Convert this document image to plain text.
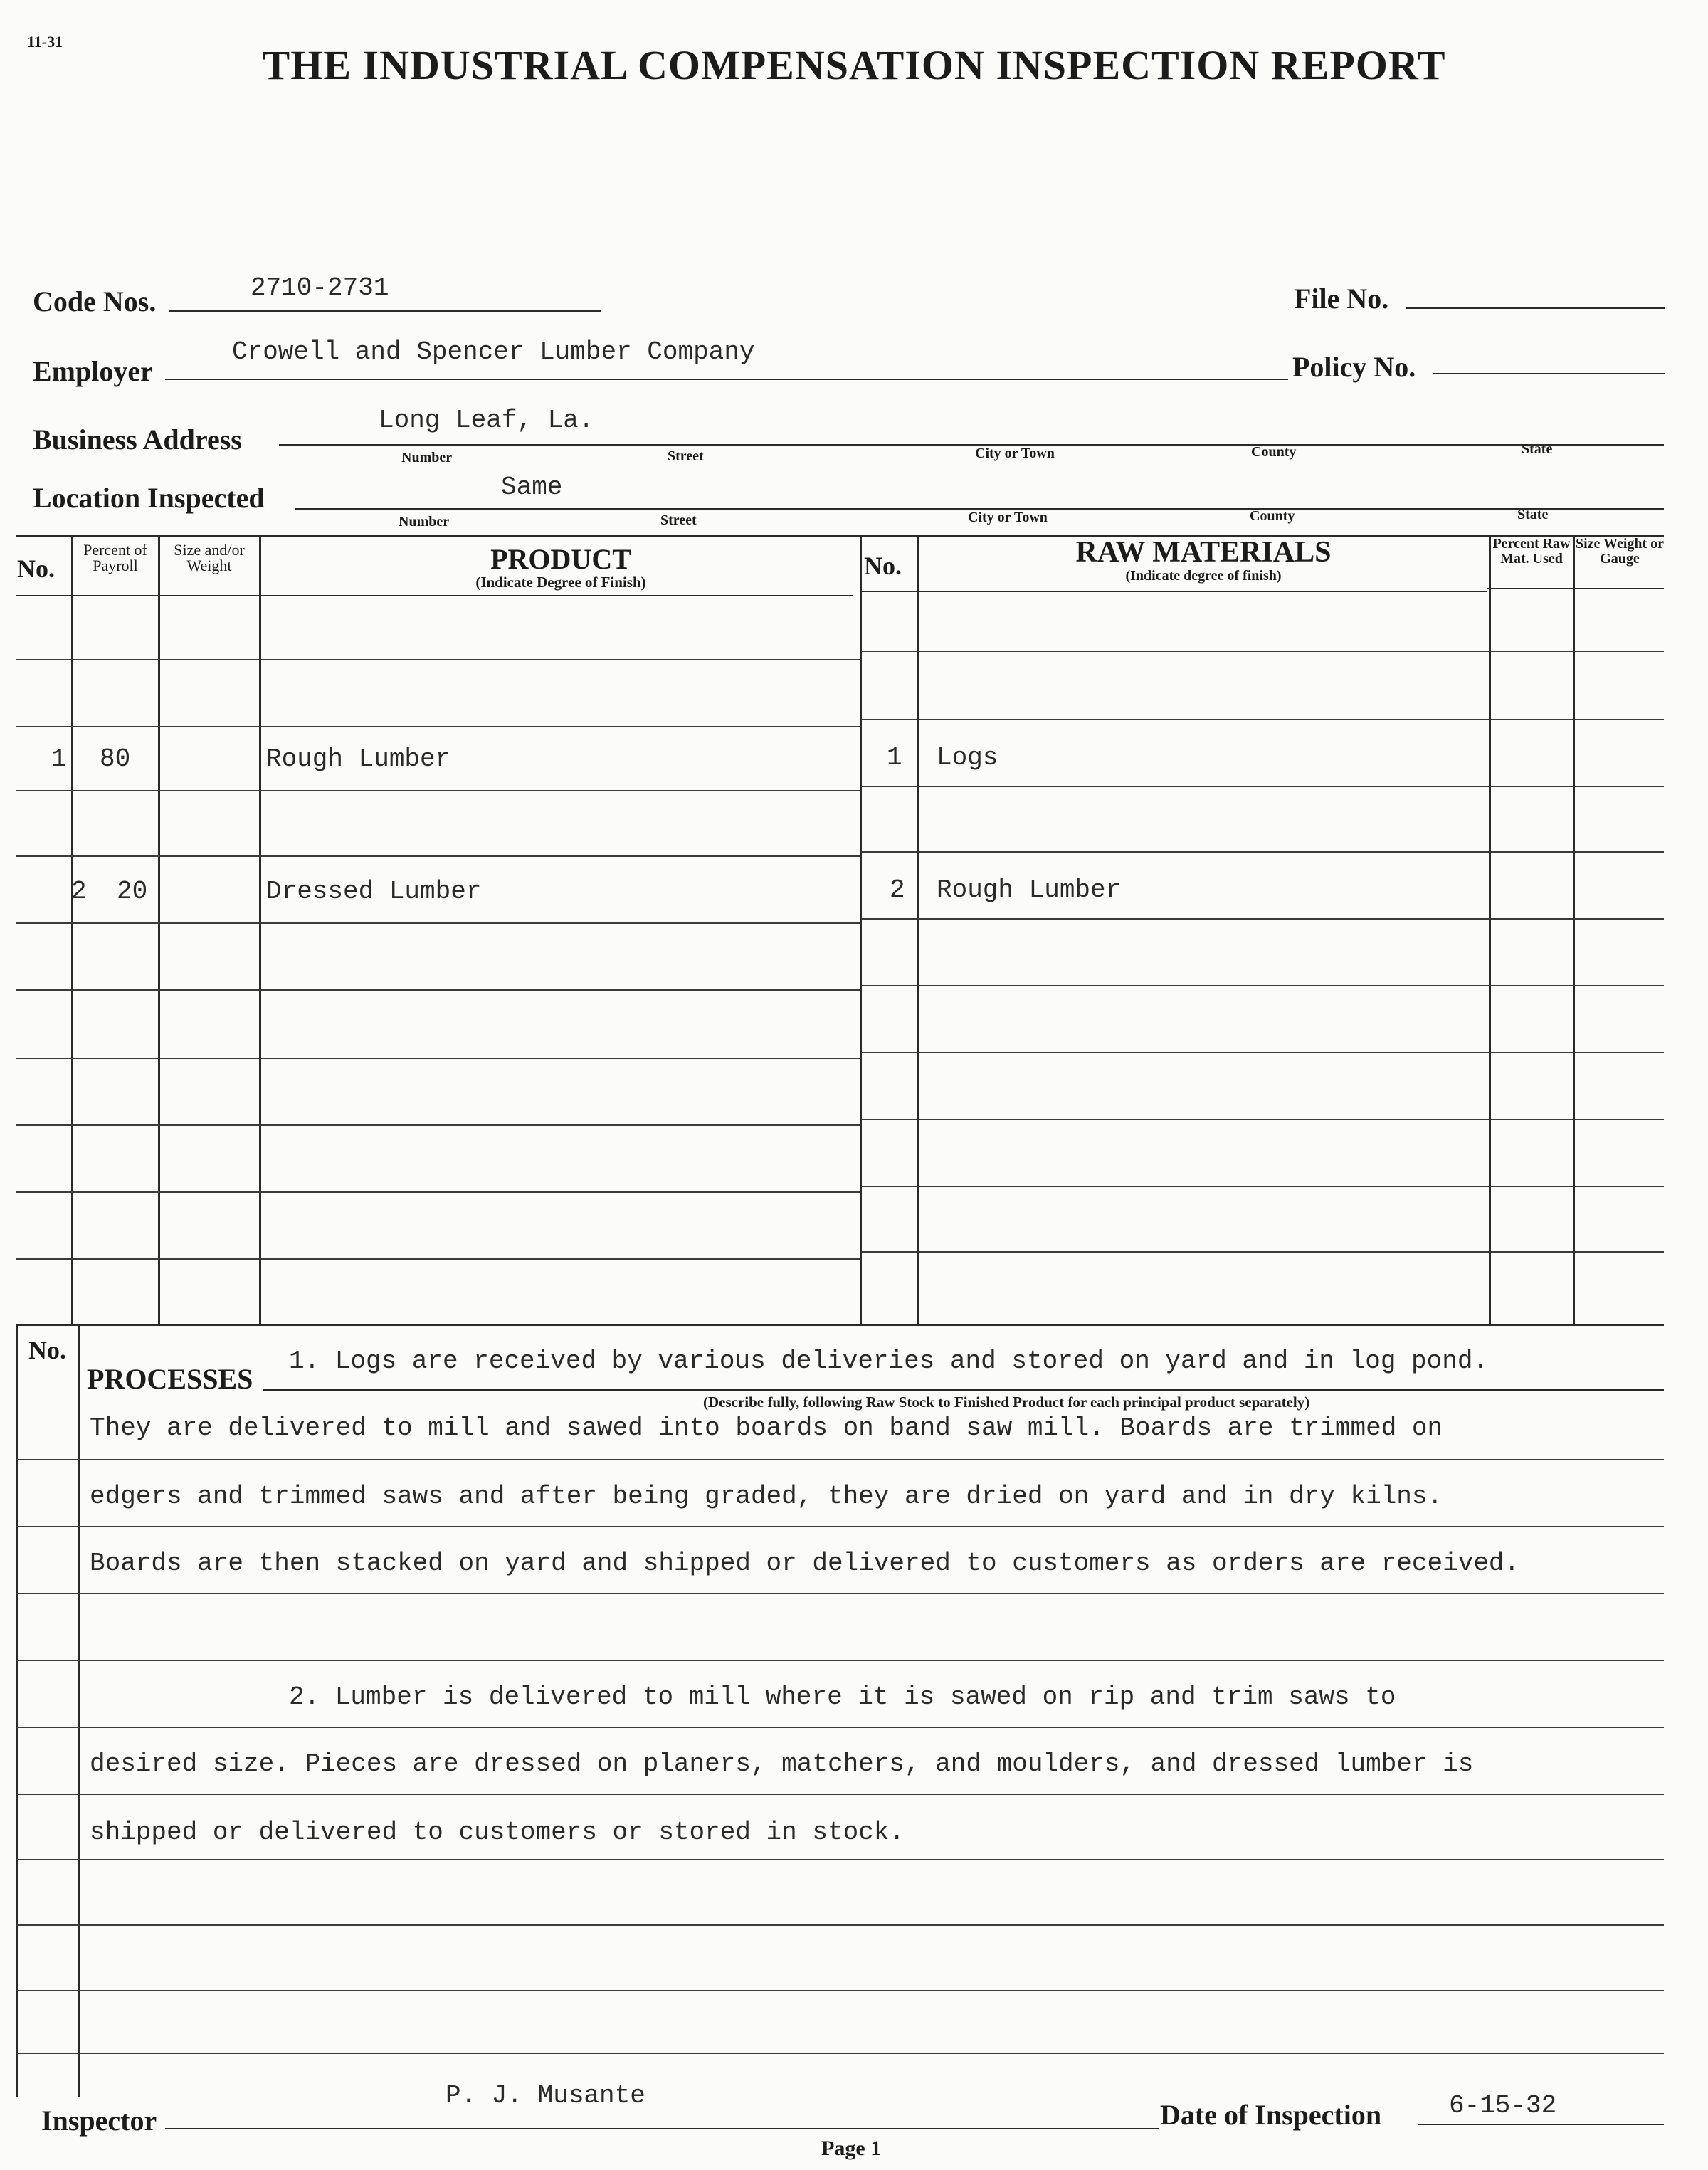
11-31
THE INDUSTRIAL COMPENSATION INSPECTION REPORT
Code Nos.	2710-2731	File No.
Employer
Crowell and Spencer Lumber Company	Policy No.
Business Address
Long Leaf, La.
Number	Street	City or Town	County	State
Location Inspected	Same
Number	Street	City or Town	County	State
No.
Percent of Payroll
Size and/or Weight	PRODUCT
(Indicate Degree of Finish)
No.	RAW MATERIALS
(Indicate degree of finish)
Percent Raw Mat. Used
Size Weight or Gauge
1 80	Rough Lumber
2 20	Dressed Lumber
1 Logs
2 Rough Lumber
No.
PROCESSES
(Describe fully, following Raw Stock to Finished Product for each principal product separately)
1. Logs are received by various deliveries and stored on yard and in log pond.
They are delivered to mill and sawed into boards on band saw mill. Boards are trimmed on
edgers and trimmed saws and after being graded, they are dried on yard and in dry kilns.
Boards are then stacked on yard and shipped or delivered to customers as orders are received.
2. Lumber is delivered to mill where it is sawed on rip and trim saws to
desired size. Pieces are dressed on planers, matchers, and moulders, and dressed lumber is
shipped or delivered to customers or stored in stock.
Inspector
P. J. Musante
Date of Inspection	6-15-32
Page 1
